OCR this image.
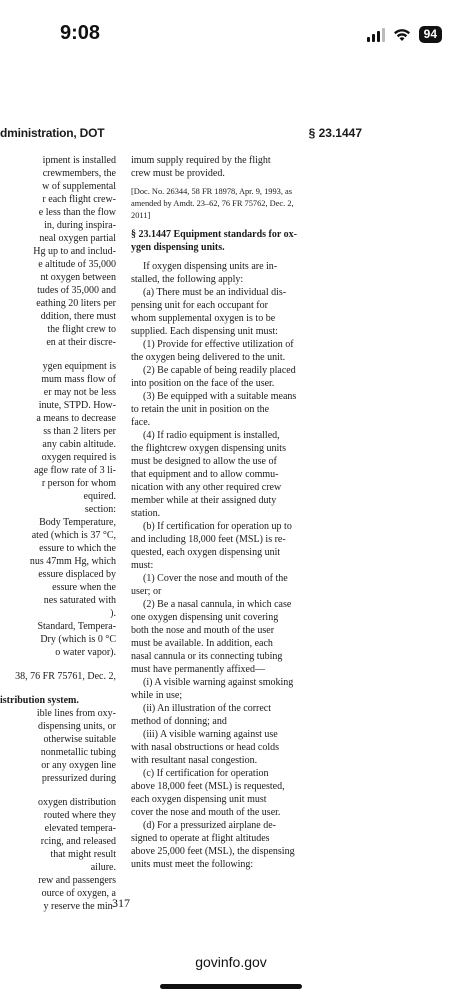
9:08	94
dministration, DOT	§ 23.1447

ipment is installed

crewmembers, the

w of supplemental

r each flight crew-

e less than the flow

in, during inspira-

neal oxygen partial

Hg up to and includ-

e altitude of 35,000

nt oxygen between

tudes of 35,000 and

eathing 20 liters per

ddition, there must

the flight crew to

en at their discre-

ygen equipment is

mum mass flow of

er may not be less

inute, STPD. How-

a means to decrease

ss than 2 liters per

any cabin altitude.

oxygen required is

age flow rate of 3 li-

r person for whom

equired.

section:

Body Temperature,

ated (which is 37 °C,

essure to which the

nus 47mm Hg, which

essure displaced by

essure when the

nes saturated with

).

Standard, Tempera-

Dry (which is 0 °C

o water vapor).

38, 76 FR 75761, Dec. 2,

istribution system.

ible lines from oxy-

dispensing units, or

otherwise suitable

nonmetallic tubing

or any oxygen line

pressurized during

oxygen distribution

routed where they

elevated tempera-

rcing, and released

that might result

ailure.

rew and passengers

ource of oxygen, a

y reserve the min-

imum supply required by the flight

crew must be provided.

[Doc. No. 26344, 58 FR 18978, Apr. 9, 1993, as

amended by Amdt. 23–62, 76 FR 75762, Dec. 2,

2011]

§ 23.1447 Equipment standards for ox-

ygen dispensing units.

If oxygen dispensing units are in-

stalled, the following apply:

(a) There must be an individual dis-

pensing unit for each occupant for

whom supplemental oxygen is to be

supplied. Each dispensing unit must:

(1) Provide for effective utilization of

the oxygen being delivered to the unit.

(2) Be capable of being readily placed

into position on the face of the user.

(3) Be equipped with a suitable means

to retain the unit in position on the

face.

(4) If radio equipment is installed,

the flightcrew oxygen dispensing units

must be designed to allow the use of

that equipment and to allow commu-

nication with any other required crew

member while at their assigned duty

station.

(b) If certification for operation up to

and including 18,000 feet (MSL) is re-

quested, each oxygen dispensing unit

must:

(1) Cover the nose and mouth of the

user; or

(2) Be a nasal cannula, in which case

one oxygen dispensing unit covering

both the nose and mouth of the user

must be available. In addition, each

nasal cannula or its connecting tubing

must have permanently affixed—

(i) A visible warning against smoking

while in use;

(ii) An illustration of the correct

method of donning; and

(iii) A visible warning against use

with nasal obstructions or head colds

with resultant nasal congestion.

(c) If certification for operation

above 18,000 feet (MSL) is requested,

each oxygen dispensing unit must

cover the nose and mouth of the user.

(d) For a pressurized airplane de-

signed to operate at flight altitudes

above 25,000 feet (MSL), the dispensing

units must meet the following:

317
govinfo.gov
